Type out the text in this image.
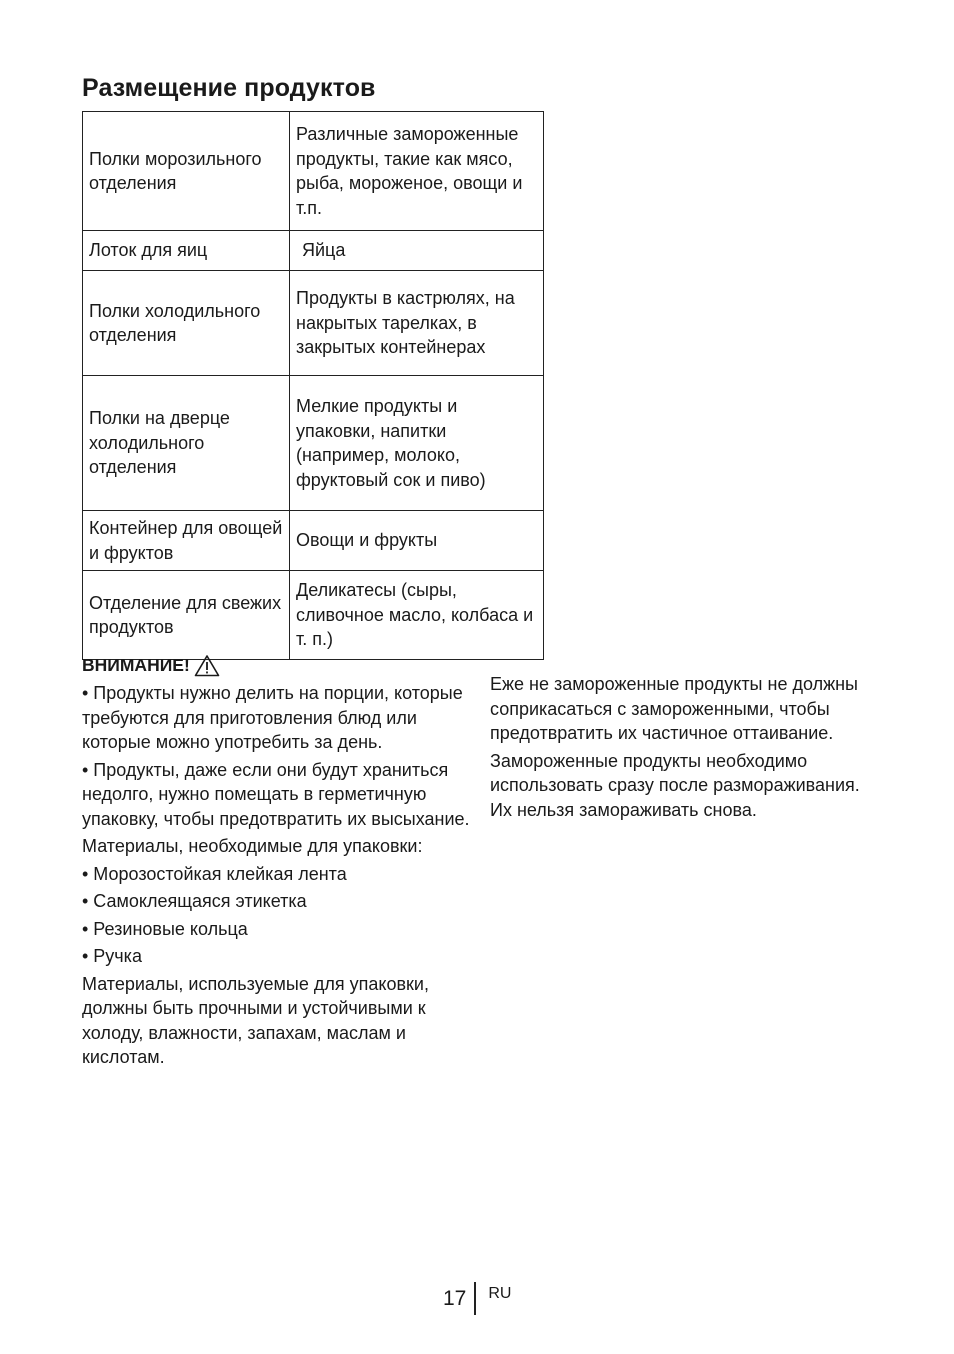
Размещение продуктов
Полки морозильного отделения	Различные замороженные продукты, такие как мясо, рыба, мороженое, овощи и т.п.
Лоток для яиц	Яйца
Полки холодильного отделения	Продукты в кастрюлях, на накрытых тарелках, в закрытых контейнерах
Полки на дверце холодильного отделения	Мелкие продукты и упаковки, напитки (например, молоко, фруктовый сок и пиво)
Контейнер для овощей и фруктов	Овощи и фрукты
Отделение для свежих продуктов	Деликатесы (сыры, сливочное масло, колбаса и т. п.)
ВНИМАНИЕ!

• Продукты нужно делить на порции, которые требуются для приготовления блюд или которые можно употребить за день.

• Продукты, даже если они будут храниться недолго, нужно помещать в герметичную упаковку, чтобы предотвратить их высыхание.

Материалы, необходимые для упаковки:

• Морозостойкая клейкая лента

• Самоклеящаяся этикетка

• Резиновые кольца

• Ручка

Материалы, используемые для упаковки, должны быть прочными и устойчивыми к холоду, влажности, запахам, маслам и кислотам.

Еже не замороженные продукты не должны соприкасаться с замороженными, чтобы предотвратить их частичное оттаивание.

Замороженные продукты необходимо использовать сразу после размораживания. Их нельзя замораживать снова.

17 RU
